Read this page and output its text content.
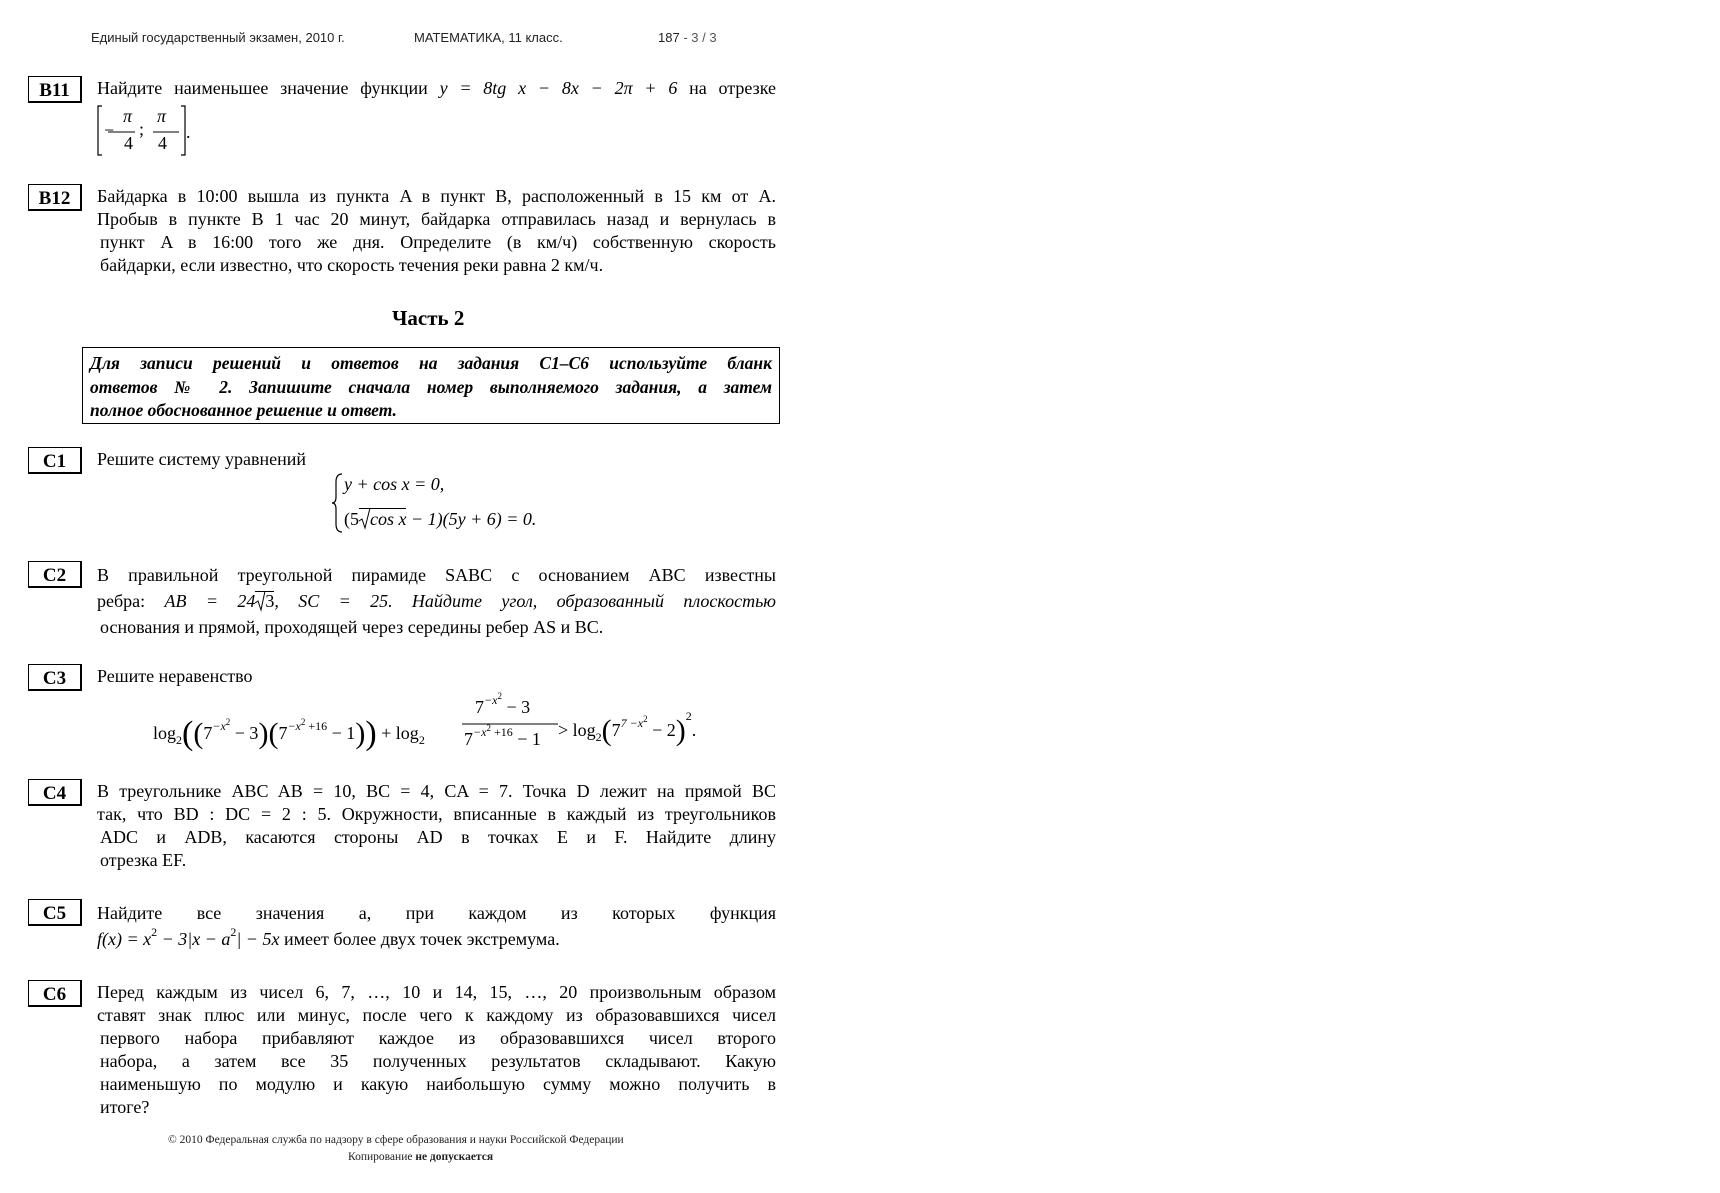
Единый государственный экзамен, 2010 г.	МАТЕМАТИКА, 11 класс.	187 - 3 / 3
B11	Найдите наименьшее значение функции y = 8tg x − 8x − 2π + 6 на отрезке
−
π
4
;
π
4
.
B12	Байдарка в 10:00 вышла из пункта A в пункт B, расположенный в 15 км от A.
Пробыв в пункте B 1 час 20 минут, байдарка отправилась назад и вернулась в
пункт A в 16:00 того же дня. Определите (в км/ч) собственную скорость
байдарки, если известно, что скорость течения реки равна 2 км/ч.
Часть 2
Для записи решений и ответов на задания С1–С6 используйте бланк
ответов № 2. Запишите сначала номер выполняемого задания, а затем
полное обоснованное решение и ответ.
C1	Решите систему уравнений
y + cos x = 0,
(5 cos x − 1)(5y + 6) = 0.
C2	В правильной треугольной пирамиде SABC с основанием ABC известны
ребра: AB = 24 3, SC = 25. Найдите угол, образованный плоскостью
основания и прямой, проходящей через середины ребер AS и BC.
C3	Решите неравенство
$\log_2((7^{-x^2} - 3)(7^{-x^2 +16} - 1)) + \log_2$
$7^{-x^2} - 3$
$7^{-x^2 +16} - 1 > \log_2(7^{7 -x^2} - 2)^2$.
C4	В треугольнике ABC AB = 10, BC = 4, CA = 7. Точка D лежит на прямой BC
так, что BD : DC = 2 : 5. Окружности, вписанные в каждый из треугольников
ADC и ADB, касаются стороны AD в точках E и F. Найдите длину
отрезка EF.
C5	Найдите все значения a, при каждом из которых функция
$f(x) = x^2 - 3|x - a^2| - 5x$ имеет более двух точек экстремума.
C6	Перед каждым из чисел 6, 7, …, 10 и 14, 15, …, 20 произвольным образом
ставят знак плюс или минус, после чего к каждому из образовавшихся чисел
первого набора прибавляют каждое из образовавшихся чисел второго
набора, а затем все 35 полученных результатов складывают. Какую
наименьшую по модулю и какую наибольшую сумму можно получить в
итоге?
© 2010 Федеральная служба по надзору в сфере образования и науки Российской Федерации
Копирование не допускается
